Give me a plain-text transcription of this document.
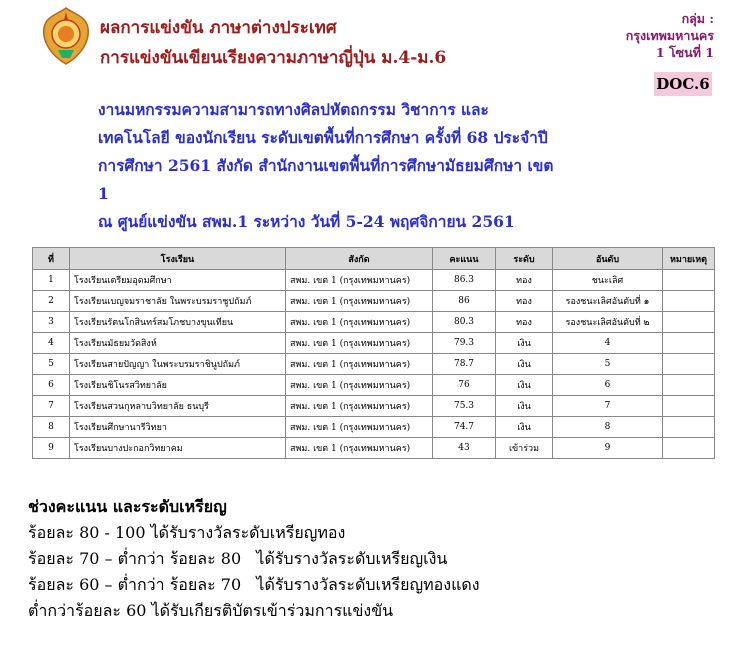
ผลการแข่งขัน ภาษาต่างประเทศ
การแข่งขันเขียนเรียงความภาษาญี่ปุ่น ม.4-ม.6
กลุ่ม :
กรุงเทพมหานคร
1 โซนที่ 1
DOC.6
งานมหกรรมความสามารถทางศิลปหัตถกรรม วิชาการ และ
เทคโนโลยี ของนักเรียน ระดับเขตพื้นที่การศึกษา ครั้งที่ 68 ประจำปี
การศึกษา 2561 สังกัด สำนักงานเขตพื้นที่การศึกษามัธยมศึกษา เขต
1
ณ ศูนย์แข่งขัน สพม.1 ระหว่าง วันที่ 5-24 พฤศจิกายน 2561
ที่	โรงเรียน	สังกัด	คะแนน	ระดับ	อันดับ	หมายเหตุ
1	โรงเรียนเตรียมอุดมศึกษา	สพม. เขต 1 (กรุงเทพมหานคร)	86.3	ทอง	ชนะเลิศ	
2	โรงเรียนเบญจมราชาลัย ในพระบรมราชูปถัมภ์	สพม. เขต 1 (กรุงเทพมหานคร)	86	ทอง	รองชนะเลิศอันดับที่ ๑	
3	โรงเรียนรัตนโกสินทร์สมโภชบางขุนเทียน	สพม. เขต 1 (กรุงเทพมหานคร)	80.3	ทอง	รองชนะเลิศอันดับที่ ๒	
4	โรงเรียนมัธยมวัดสิงห์	สพม. เขต 1 (กรุงเทพมหานคร)	79.3	เงิน	4	
5	โรงเรียนสายปัญญา ในพระบรมราชินูปถัมภ์	สพม. เขต 1 (กรุงเทพมหานคร)	78.7	เงิน	5	
6	โรงเรียนชิโนรสวิทยาลัย	สพม. เขต 1 (กรุงเทพมหานคร)	76	เงิน	6	
7	โรงเรียนสวนกุหลาบวิทยาลัย ธนบุรี	สพม. เขต 1 (กรุงเทพมหานคร)	75.3	เงิน	7	
8	โรงเรียนศึกษานารีวิทยา	สพม. เขต 1 (กรุงเทพมหานคร)	74.7	เงิน	8	
9	โรงเรียนบางปะกอกวิทยาคม	สพม. เขต 1 (กรุงเทพมหานคร)	43	เข้าร่วม	9	
ช่วงคะแนน และระดับเหรียญ
ร้อยละ 80 - 100 ได้รับรางวัลระดับเหรียญทอง
ร้อยละ 70 – ต่ำกว่า ร้อยละ 80   ได้รับรางวัลระดับเหรียญเงิน
ร้อยละ 60 – ต่ำกว่า ร้อยละ 70   ได้รับรางวัลระดับเหรียญทองแดง
ต่ำกว่าร้อยละ 60 ได้รับเกียรติบัตรเข้าร่วมการแข่งขัน
